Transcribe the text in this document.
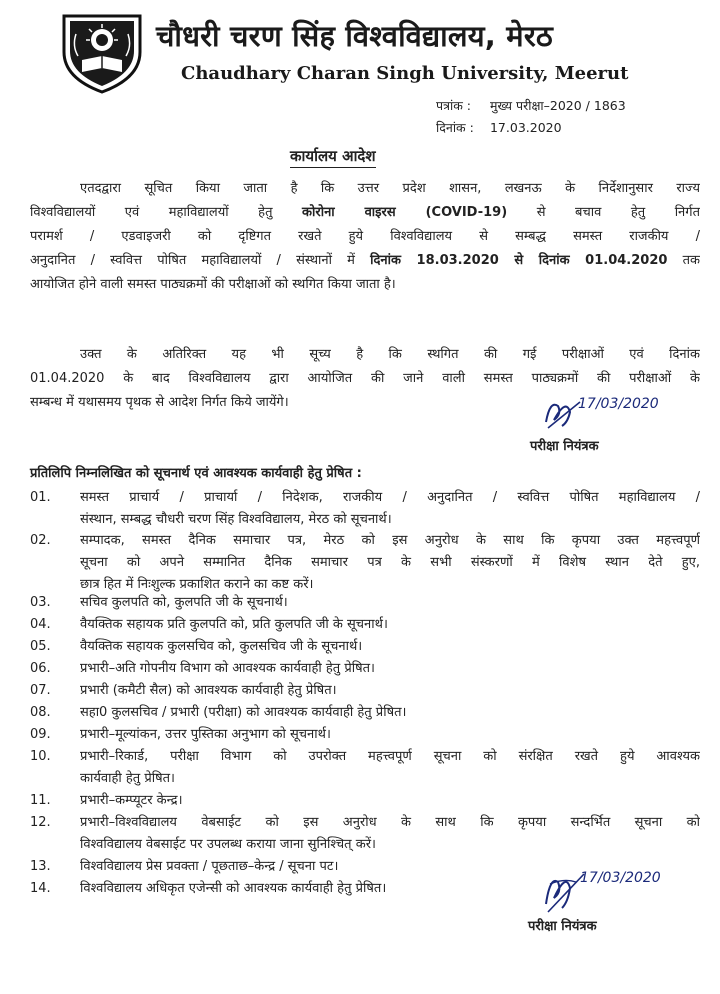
चौधरी चरण सिंह विश्वविद्यालय, मेरठ
Chaudhary Charan Singh University, Meerut
पत्रांक : मुख्य परीक्षा–2020 / 1863
दिनांक : 17.03.2020
कार्यालय आदेश
एतदद्वारा सूचित किया जाता है कि उत्तर प्रदेश शासन, लखनऊ के निर्देशानुसार राज्य
विश्वविद्यालयों एवं महाविद्यालयों हेतु कोरोना वाइरस (COVID-19) से बचाव हेतु निर्गत
परामर्श / एडवाइजरी को दृष्टिगत रखते हुये विश्वविद्यालय से सम्बद्ध समस्त राजकीय /
अनुदानित / स्ववित्त पोषित महाविद्यालयों / संस्थानों में दिनांक 18.03.2020 से दिनांक 01.04.2020 तक
आयोजित होने वाली समस्त पाठ्यक्रमों की परीक्षाओं को स्थगित किया जाता है।
उक्त के अतिरिक्त यह भी सूच्य है कि स्थगित की गई परीक्षाओं एवं दिनांक
01.04.2020 के बाद विश्वविद्यालय द्वारा आयोजित की जाने वाली समस्त पाठ्यक्रमों की परीक्षाओं के
सम्बन्ध में यथासमय पृथक से आदेश निर्गत किये जायेंगे।	17/03/2020
परीक्षा नियंत्रक
प्रतिलिपि निम्नलिखित को सूचनार्थ एवं आवश्यक कार्यवाही हेतु प्रेषित :
01.	समस्त प्राचार्य / प्राचार्या / निदेशक, राजकीय / अनुदानित / स्ववित्त पोषित महाविद्यालय /
संस्थान, सम्बद्ध चौधरी चरण सिंह विश्वविद्यालय, मेरठ को सूचनार्थ।
02.	सम्पादक, समस्त दैनिक समाचार पत्र, मेरठ को इस अनुरोध के साथ कि कृपया उक्त महत्त्वपूर्ण
सूचना को अपने सम्मानित दैनिक समाचार पत्र के सभी संस्करणों में विशेष स्थान देते हुए,
छात्र हित में निःशुल्क प्रकाशित कराने का कष्ट करें।
03.	सचिव कुलपति को, कुलपति जी के सूचनार्थ।
04.	वैयक्तिक सहायक प्रति कुलपति को, प्रति कुलपति जी के सूचनार्थ।
05.	वैयक्तिक सहायक कुलसचिव को, कुलसचिव जी के सूचनार्थ।
06.	प्रभारी–अति गोपनीय विभाग को आवश्यक कार्यवाही हेतु प्रेषित।
07.	प्रभारी (कमैटी सैल) को आवश्यक कार्यवाही हेतु प्रेषित।
08.	सहा0 कुलसचिव / प्रभारी (परीक्षा) को आवश्यक कार्यवाही हेतु प्रेषित।
09.	प्रभारी–मूल्यांकन, उत्तर पुस्तिका अनुभाग को सूचनार्थ।
10.	प्रभारी–रिकार्ड, परीक्षा विभाग को उपरोक्त महत्त्वपूर्ण सूचना को संरक्षित रखते हुये आवश्यक
कार्यवाही हेतु प्रेषित।
11.	प्रभारी–कम्प्यूटर केन्द्र।
12.	प्रभारी–विश्वविद्यालय वेबसाईट को इस अनुरोध के साथ कि कृपया सन्दर्भित सूचना को
विश्वविद्यालय वेबसाईट पर उपलब्ध कराया जाना सुनिश्चित् करें।
13.	विश्वविद्यालय प्रेस प्रवक्ता / पूछताछ–केन्द्र / सूचना पट।
14.	विश्वविद्यालय अधिकृत एजेन्सी को आवश्यक कार्यवाही हेतु प्रेषित।
17/03/2020
परीक्षा नियंत्रक
